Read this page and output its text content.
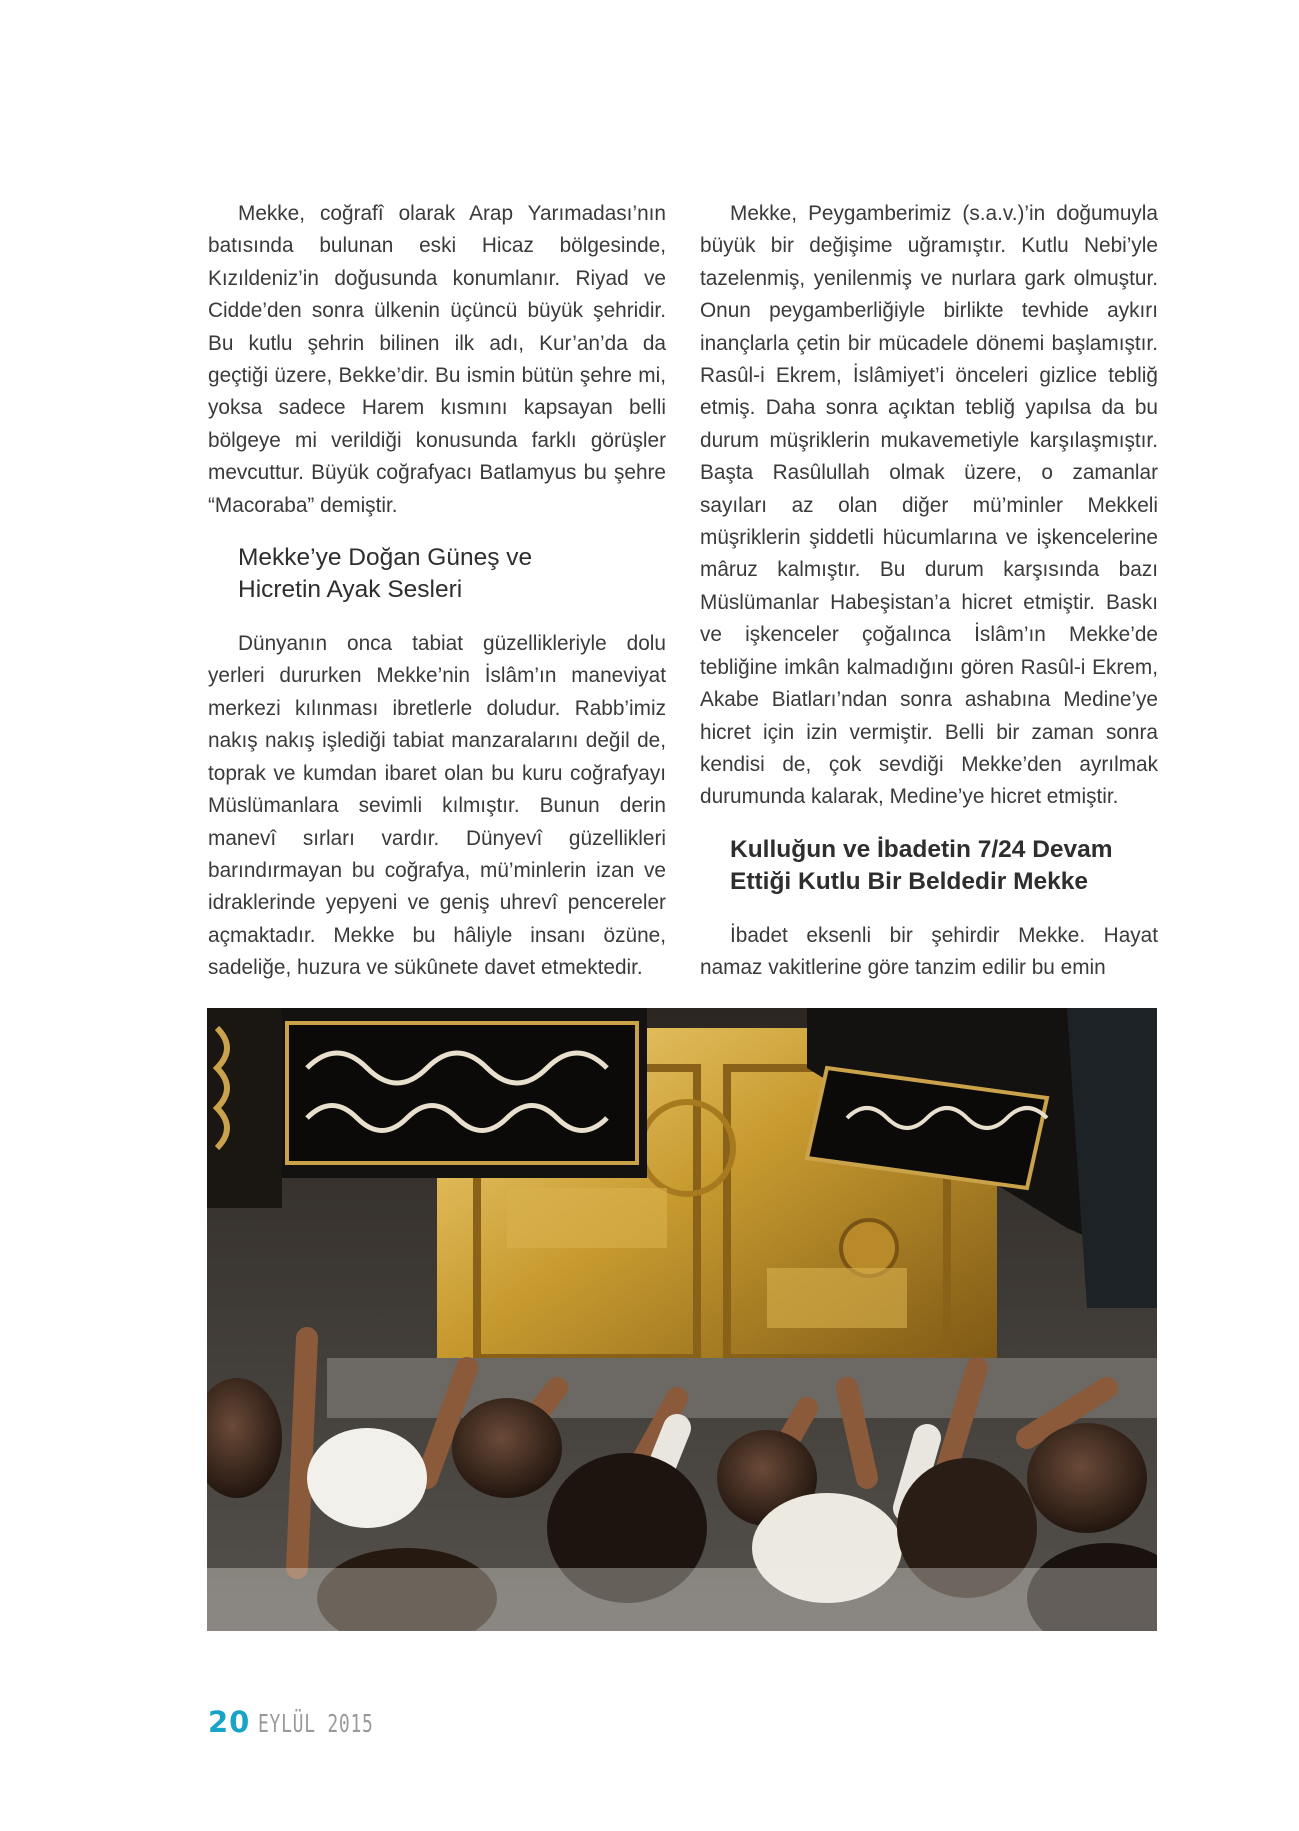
Mekke, coğrafî olarak Arap Yarımadası’nın batısında bulunan eski Hicaz bölgesinde, Kızıldeniz’in doğusunda konumlanır. Riyad ve Cidde’den sonra ülkenin üçüncü büyük şehridir. Bu kutlu şehrin bilinen ilk adı, Kur’an’da da geçtiği üzere, Bekke’dir. Bu ismin bütün şehre mi, yoksa sadece Harem kısmını kapsayan belli bölgeye mi verildiği konusunda farklı görüşler mevcuttur. Büyük coğrafyacı Batlamyus bu şehre “Macoraba” demiştir.

Mekke’ye Doğan Güneş ve
Hicretin Ayak Sesleri

Dünyanın onca tabiat güzellikleriyle dolu yerleri dururken Mekke’nin İslâm’ın maneviyat merkezi kılınması ibretlerle doludur. Rabb’imiz nakış nakış işlediği tabiat manzaralarını değil de, toprak ve kumdan ibaret olan bu kuru coğrafyayı Müslümanlara sevimli kılmıştır. Bunun derin manevî sırları vardır. Dünyevî güzellikleri barındırmayan bu coğrafya, mü’minlerin izan ve idraklerinde yepyeni ve geniş uhrevî pencereler açmaktadır. Mekke bu hâliyle insanı özüne, sadeliğe, huzura ve sükûnete davet etmektedir.

Mekke, Peygamberimiz (s.a.v.)’in doğumuyla büyük bir değişime uğramıştır. Kutlu Nebi’yle tazelenmiş, yenilenmiş ve nurlara gark olmuştur. Onun peygamberliğiyle birlikte tevhide aykırı inançlarla çetin bir mücadele dönemi başlamıştır. Rasûl-i Ekrem, İslâmiyet’i önceleri gizlice tebliğ etmiş. Daha sonra açıktan tebliğ yapılsa da bu durum müşriklerin mukavemetiyle karşılaşmıştır. Başta Rasûlullah olmak üzere, o zamanlar sayıları az olan diğer mü’minler Mekkeli müşriklerin şiddetli hücumlarına ve işkencelerine mâruz kalmıştır. Bu durum karşısında bazı Müslümanlar Habeşistan’a hicret etmiştir. Baskı ve işkenceler çoğalınca İslâm’ın Mekke’de tebliğine imkân kalmadığını gören Rasûl-i Ekrem, Akabe Biatları’ndan sonra ashabına Medine’ye hicret için izin vermiştir. Belli bir zaman sonra kendisi de, çok sevdiği Mekke’den ayrılmak durumunda kalarak, Medine’ye hicret etmiştir.

Kulluğun ve İbadetin 7/24 Devam
Ettiği Kutlu Bir Beldedir Mekke

İbadet eksenli bir şehirdir Mekke. Hayat namaz vakitlerine göre tanzim edilir bu emin

20 EYLÜL 2015
